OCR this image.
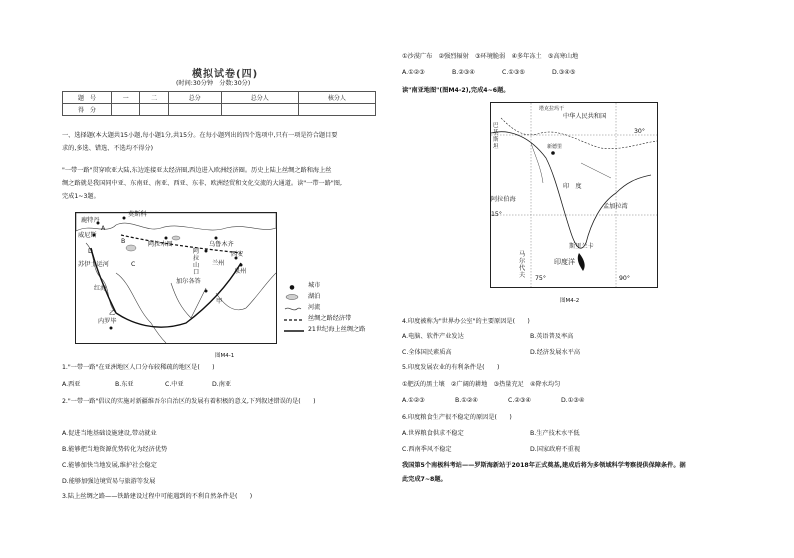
模拟试卷(四)
(时间:30分钟　分数:30分)
题　号	一	二	总分	总分人	核分人
得　分					
一、选择题(本大题共15小题,每小题1分,共15分。在每小题列出的四个选项中,只有一项是符合题目要
求的,多选、错选、不选均不得分)
"一带一路"贯穿欧亚大陆,东边连接亚太经济圈,西边进入欧洲经济圈。历史上陆上丝绸之路和海上丝
绸之路就是我国同中亚、东南亚、南亚、西亚、东非、欧洲经贸和文化交流的大通道。读"一带一路"图,
完成1~3题。
莫斯科
鹿特丹
威尼斯
阿拉木图	乌鲁木齐
阿拉山口
兰州
西安
泉州
苏伊士运河
加尔各答
红海
内罗毕
甲
乙
A
B
C
D
●	城市
湖泊
河流
丝绸之路经济带
21世纪海上丝绸之路
图M4-1
1."一带一路"在亚洲地区人口分布较稀疏的地区是(　　)
A.西亚	B.东亚	C.中亚	D.南亚
2."一带一路"倡议的实施对新疆维吾尔自治区的发展有着积极的意义,下列叙述错误的是(　　)
A.促进当地基础设施建设,带动就业
B.能够把当地资源优势转化为经济优势
C.能够加快当地发展,维护社会稳定
D.能够加强边境贸易与旅游等发展
3.陆上丝绸之路——铁路建设过程中可能遇到的不利自然条件是(　　)
①沙漠广布　②强烈辐射　③环境脆弱　④多年冻土　⑤高寒山地
A.①②③	B.②③④	C.①③⑤	D.③④⑤
读"南亚地图"(图M4-2),完成4~6题。
塔克拉玛干
巴基斯坦
中华人民共和国
30°
新德里
印　度
孟加拉湾
阿拉伯海
15°
斯里兰卡
马尔代夫
印度洋
75°	90°
图M4-2
4.印度被称为"世界办公室"的主要原因是(　　)
A.电脑、软件产业发达	B.英语普及率高
C.全体国民素质高	D.经济发展水平高
5.印度发展农业的有利条件是(　　)
①肥沃的黑土壤　②广阔的耕地　③热量充足　④降水均匀
A.①②③	B.①②④	C.②③④	D.①③④
6.印度粮食生产很不稳定的原因是(　　)
A.世界粮食供求不稳定	B.生产技术水平低
C.西南季风不稳定	D.国家政府不重视
我国第5个南极科考站——罗斯海新站于2018年正式奠基,建成后将为多领域科学考察提供保障条件。据
此完成7~8题。
